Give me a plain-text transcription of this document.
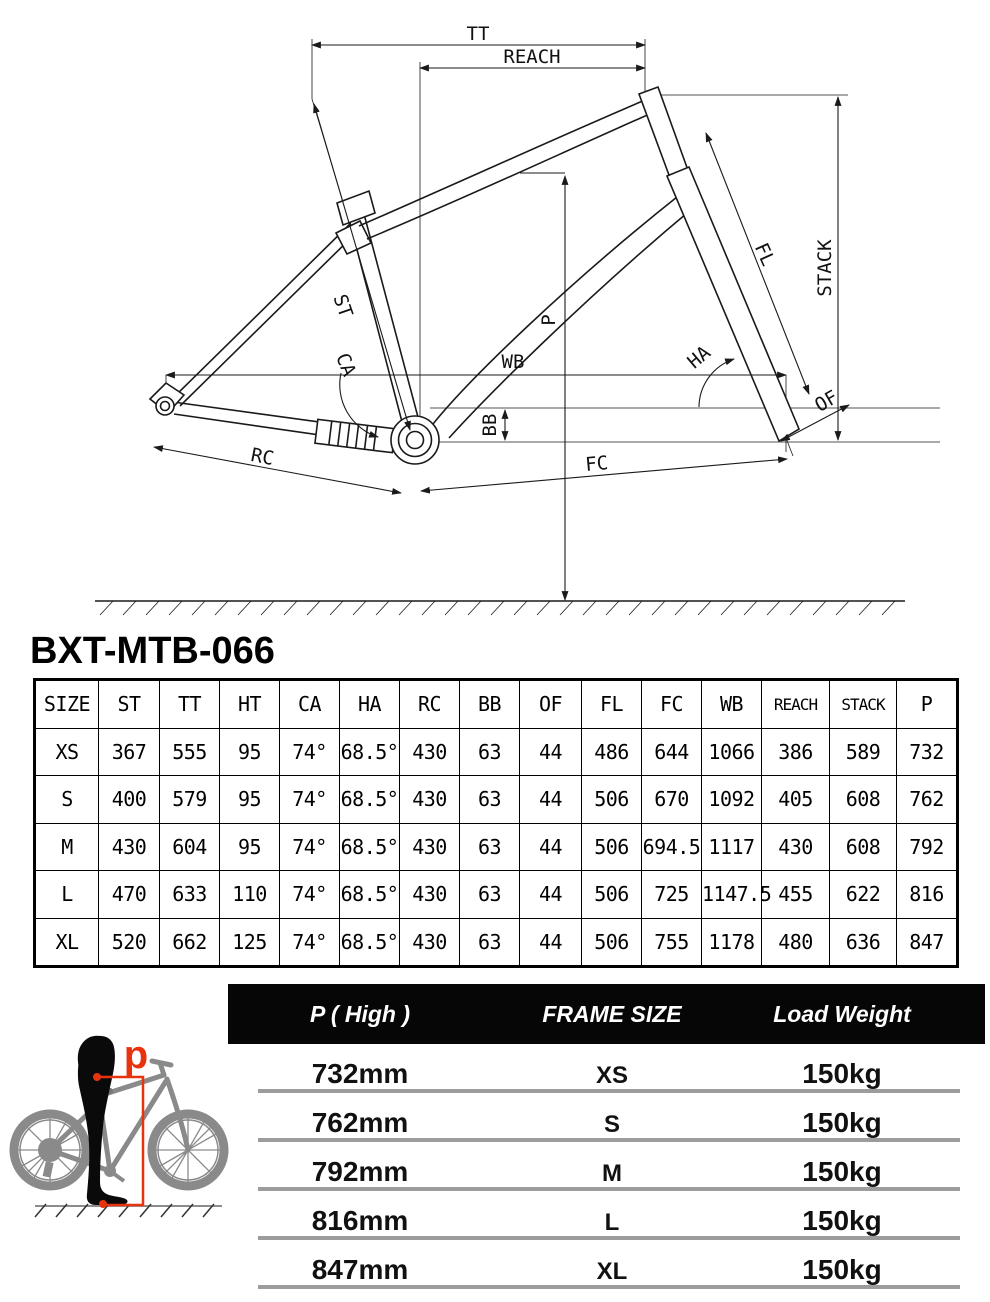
TT
REACH
ST
CA
P
WB
BB
HA
FL STACK
OF
RC	FC
BXT-MTB-066
SIZE	ST	TT	HT	CA	HA	RC	BB	OF	FL	FC	WB	REACH	STACK	P
XS	367	555	95	74°	68.5°	430	63	44	486	644	1066	386	589	732
S	400	579	95	74°	68.5°	430	63	44	506	670	1092	405	608	762
M	430	604	95	74°	68.5°	430	63	44	506	694.5	1117	430	608	792
L	470	633	110	74°	68.5°	430	63	44	506	725	1147.5	455	622	816
XL	520	662	125	74°	68.5°	430	63	44	506	755	1178	480	636	847
P ( High )	FRAME SIZE	Load Weight
732mm	XS	150kg
762mm	S	150kg
792mm	M	150kg
816mm	L	150kg
847mm	XL	150kg
p
